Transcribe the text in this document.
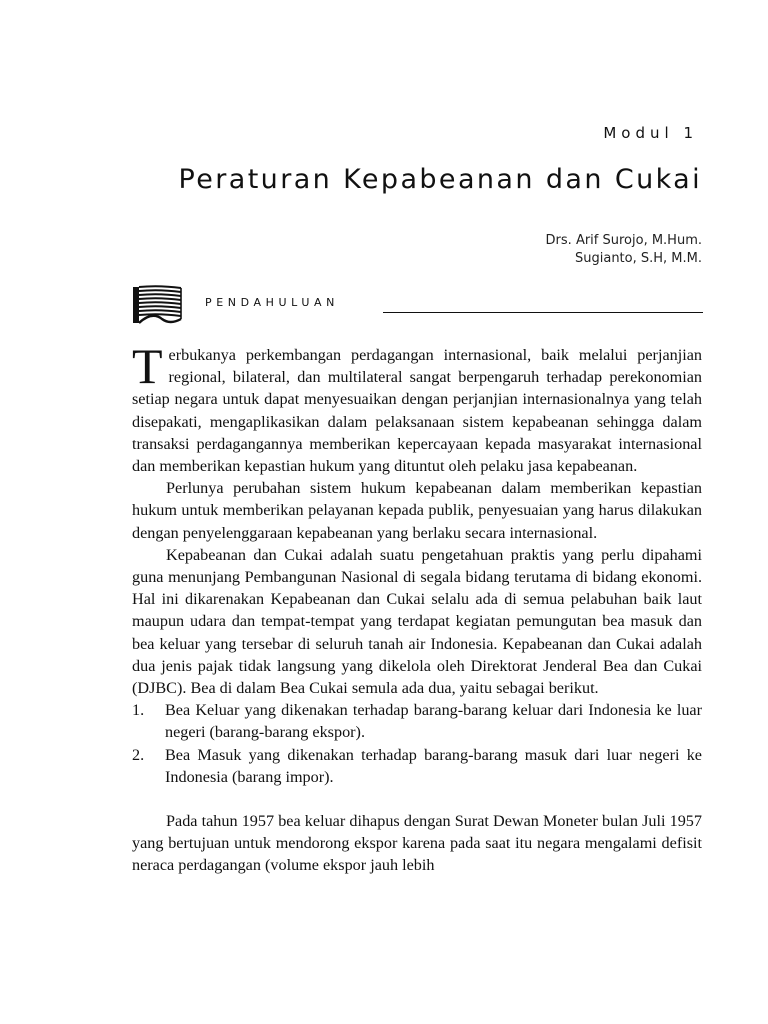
Modul 1
Peraturan Kepabeanan dan Cukai
Drs. Arif Surojo, M.Hum.
Sugianto, S.H, M.M.
PENDAHULUAN

Terbukanya perkembangan perdagangan internasional, baik melalui perjanjian regional, bilateral, dan multilateral sangat berpengaruh terhadap perekonomian setiap negara untuk dapat menyesuaikan dengan perjanjian internasionalnya yang telah disepakati, mengaplikasikan dalam pelaksanaan sistem kepabeanan sehingga dalam transaksi perdagangannya memberikan kepercayaan kepada masyarakat internasional dan memberikan kepastian hukum yang dituntut oleh pelaku jasa kepabeanan.

Perlunya perubahan sistem hukum kepabeanan dalam memberikan kepastian hukum untuk memberikan pelayanan kepada publik, penyesuaian yang harus dilakukan dengan penyelenggaraan kepabeanan yang berlaku secara internasional.

Kepabeanan dan Cukai adalah suatu pengetahuan praktis yang perlu dipahami guna menunjang Pembangunan Nasional di segala bidang terutama di bidang ekonomi. Hal ini dikarenakan Kepabeanan dan Cukai selalu ada di semua pelabuhan baik laut maupun udara dan tempat-tempat yang terdapat kegiatan pemungutan bea masuk dan bea keluar yang tersebar di seluruh tanah air Indonesia. Kepabeanan dan Cukai adalah dua jenis pajak tidak langsung yang dikelola oleh Direktorat Jenderal Bea dan Cukai (DJBC). Bea di dalam Bea Cukai semula ada dua, yaitu sebagai berikut.

1. Bea Keluar yang dikenakan terhadap barang-barang keluar dari Indonesia ke luar negeri (barang-barang ekspor).
2. Bea Masuk yang dikenakan terhadap barang-barang masuk dari luar negeri ke Indonesia (barang impor).

Pada tahun 1957 bea keluar dihapus dengan Surat Dewan Moneter bulan Juli 1957 yang bertujuan untuk mendorong ekspor karena pada saat itu negara mengalami defisit neraca perdagangan (volume ekspor jauh lebih
